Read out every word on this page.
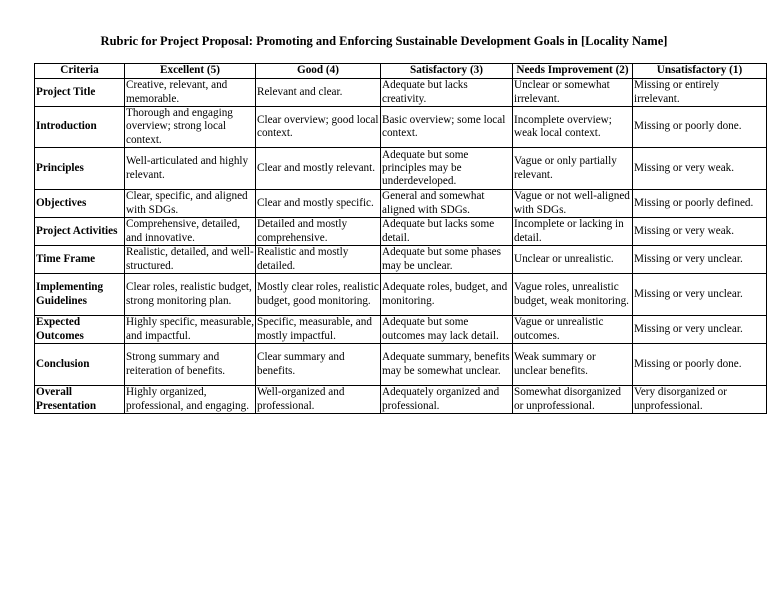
Rubric for Project Proposal: Promoting and Enforcing Sustainable Development Goals in [Locality Name]
Criteria	Excellent (5)	Good (4)	Satisfactory (3)	Needs Improvement (2)	Unsatisfactory (1)
Project Title	Creative, relevant, and memorable.	Relevant and clear.	Adequate but lacks creativity.	Unclear or somewhat irrelevant.	Missing or entirely irrelevant.
Introduction	Thorough and engaging overview; strong local context.	Clear overview; good local context.	Basic overview; some local context.	Incomplete overview; weak local context.	Missing or poorly done.
Principles	Well-articulated and highly relevant.	Clear and mostly relevant.	Adequate but some principles may be underdeveloped.	Vague or only partially relevant.	Missing or very weak.
Objectives	Clear, specific, and aligned with SDGs.	Clear and mostly specific.	General and somewhat aligned with SDGs.	Vague or not well-aligned with SDGs.	Missing or poorly defined.
Project Activities	Comprehensive, detailed, and innovative.	Detailed and mostly comprehensive.	Adequate but lacks some detail.	Incomplete or lacking in detail.	Missing or very weak.
Time Frame	Realistic, detailed, and well-structured.	Realistic and mostly detailed.	Adequate but some phases may be unclear.	Unclear or unrealistic.	Missing or very unclear.
Implementing Guidelines	Clear roles, realistic budget, strong monitoring plan.	Mostly clear roles, realistic budget, good monitoring.	Adequate roles, budget, and monitoring.	Vague roles, unrealistic budget, weak monitoring.	Missing or very unclear.
Expected Outcomes	Highly specific, measurable, and impactful.	Specific, measurable, and mostly impactful.	Adequate but some outcomes may lack detail.	Vague or unrealistic outcomes.	Missing or very unclear.
Conclusion	Strong summary and reiteration of benefits.	Clear summary and benefits.	Adequate summary, benefits may be somewhat unclear.	Weak summary or unclear benefits.	Missing or poorly done.
Overall Presentation	Highly organized, professional, and engaging.	Well-organized and professional.	Adequately organized and professional.	Somewhat disorganized or unprofessional.	Very disorganized or unprofessional.
